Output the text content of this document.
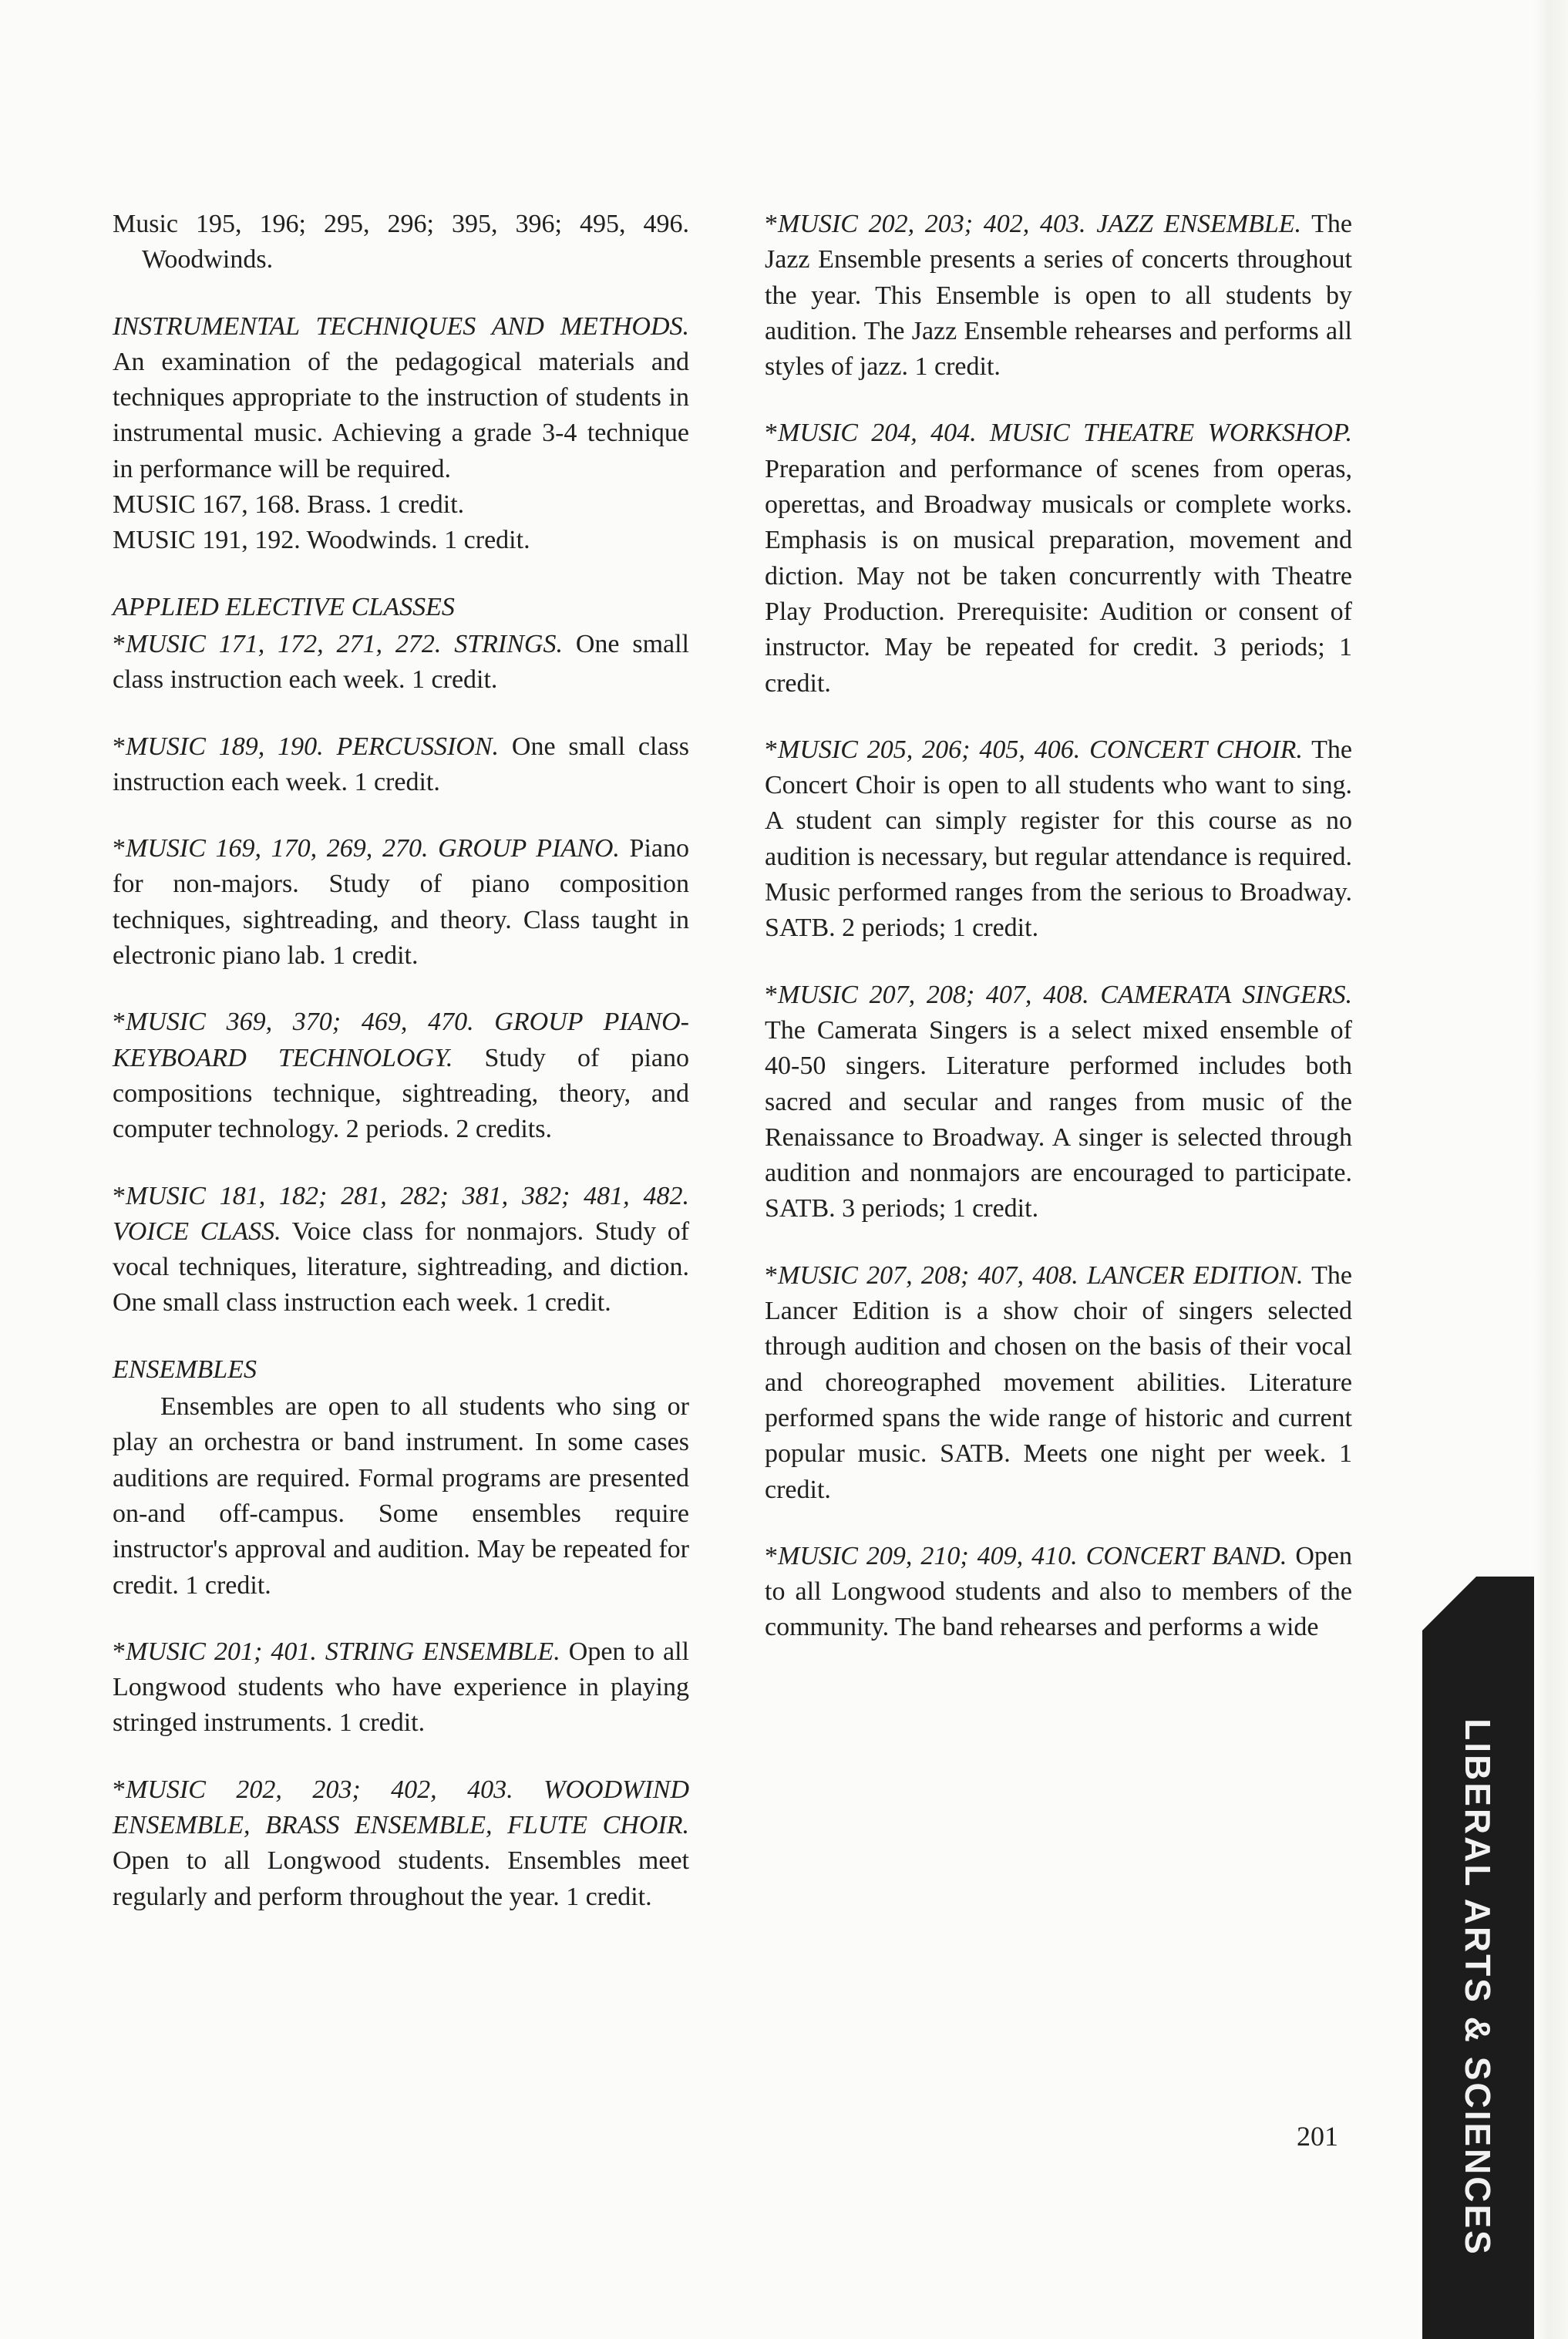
Music 195, 196; 295, 296; 395, 396; 495, 496. Woodwinds.

INSTRUMENTAL TECHNIQUES AND METHODS. An examination of the pedagogical materials and techniques appropriate to the instruction of students in instrumental music. Achieving a grade 3-4 technique in performance will be required.
MUSIC 167, 168. Brass. 1 credit.
MUSIC 191, 192. Woodwinds. 1 credit.

APPLIED ELECTIVE CLASSES

*MUSIC 171, 172, 271, 272. STRINGS. One small class instruction each week. 1 credit.

*MUSIC 189, 190. PERCUSSION. One small class instruction each week. 1 credit.

*MUSIC 169, 170, 269, 270. GROUP PIANO. Piano for non-majors. Study of piano composition techniques, sightreading, and theory. Class taught in electronic piano lab. 1 credit.

*MUSIC 369, 370; 469, 470. GROUP PIANO-KEYBOARD TECHNOLOGY. Study of piano compositions technique, sightreading, theory, and computer technology. 2 periods. 2 credits.

*MUSIC 181, 182; 281, 282; 381, 382; 481, 482. VOICE CLASS. Voice class for nonmajors. Study of vocal techniques, literature, sightreading, and diction. One small class instruction each week. 1 credit.

ENSEMBLES

Ensembles are open to all students who sing or play an orchestra or band instrument. In some cases auditions are required. Formal programs are presented on-and off-campus. Some ensembles require instructor's approval and audition. May be repeated for credit. 1 credit.

*MUSIC 201; 401. STRING ENSEMBLE. Open to all Longwood students who have experience in playing stringed instruments. 1 credit.

*MUSIC 202, 203; 402, 403. WOODWIND ENSEMBLE, BRASS ENSEMBLE, FLUTE CHOIR. Open to all Longwood students. Ensembles meet regularly and perform throughout the year. 1 credit.

*MUSIC 202, 203; 402, 403. JAZZ ENSEMBLE. The Jazz Ensemble presents a series of concerts throughout the year. This Ensemble is open to all students by audition. The Jazz Ensemble rehearses and performs all styles of jazz. 1 credit.

*MUSIC 204, 404. MUSIC THEATRE WORKSHOP. Preparation and performance of scenes from operas, operettas, and Broadway musicals or complete works. Emphasis is on musical preparation, movement and diction. May not be taken concurrently with Theatre Play Production. Prerequisite: Audition or consent of instructor. May be repeated for credit. 3 periods; 1 credit.

*MUSIC 205, 206; 405, 406. CONCERT CHOIR. The Concert Choir is open to all students who want to sing. A student can simply register for this course as no audition is necessary, but regular attendance is required. Music performed ranges from the serious to Broadway. SATB. 2 periods; 1 credit.

*MUSIC 207, 208; 407, 408. CAMERATA SINGERS. The Camerata Singers is a select mixed ensemble of 40-50 singers. Literature performed includes both sacred and secular and ranges from music of the Renaissance to Broadway. A singer is selected through audition and nonmajors are encouraged to participate. SATB. 3 periods; 1 credit.

*MUSIC 207, 208; 407, 408. LANCER EDITION. The Lancer Edition is a show choir of singers selected through audition and chosen on the basis of their vocal and choreographed movement abilities. Literature performed spans the wide range of historic and current popular music. SATB. Meets one night per week. 1 credit.

*MUSIC 209, 210; 409, 410. CONCERT BAND. Open to all Longwood students and also to members of the community. The band rehearses and performs a wide

201	LIBERAL ARTS & SCIENCES
